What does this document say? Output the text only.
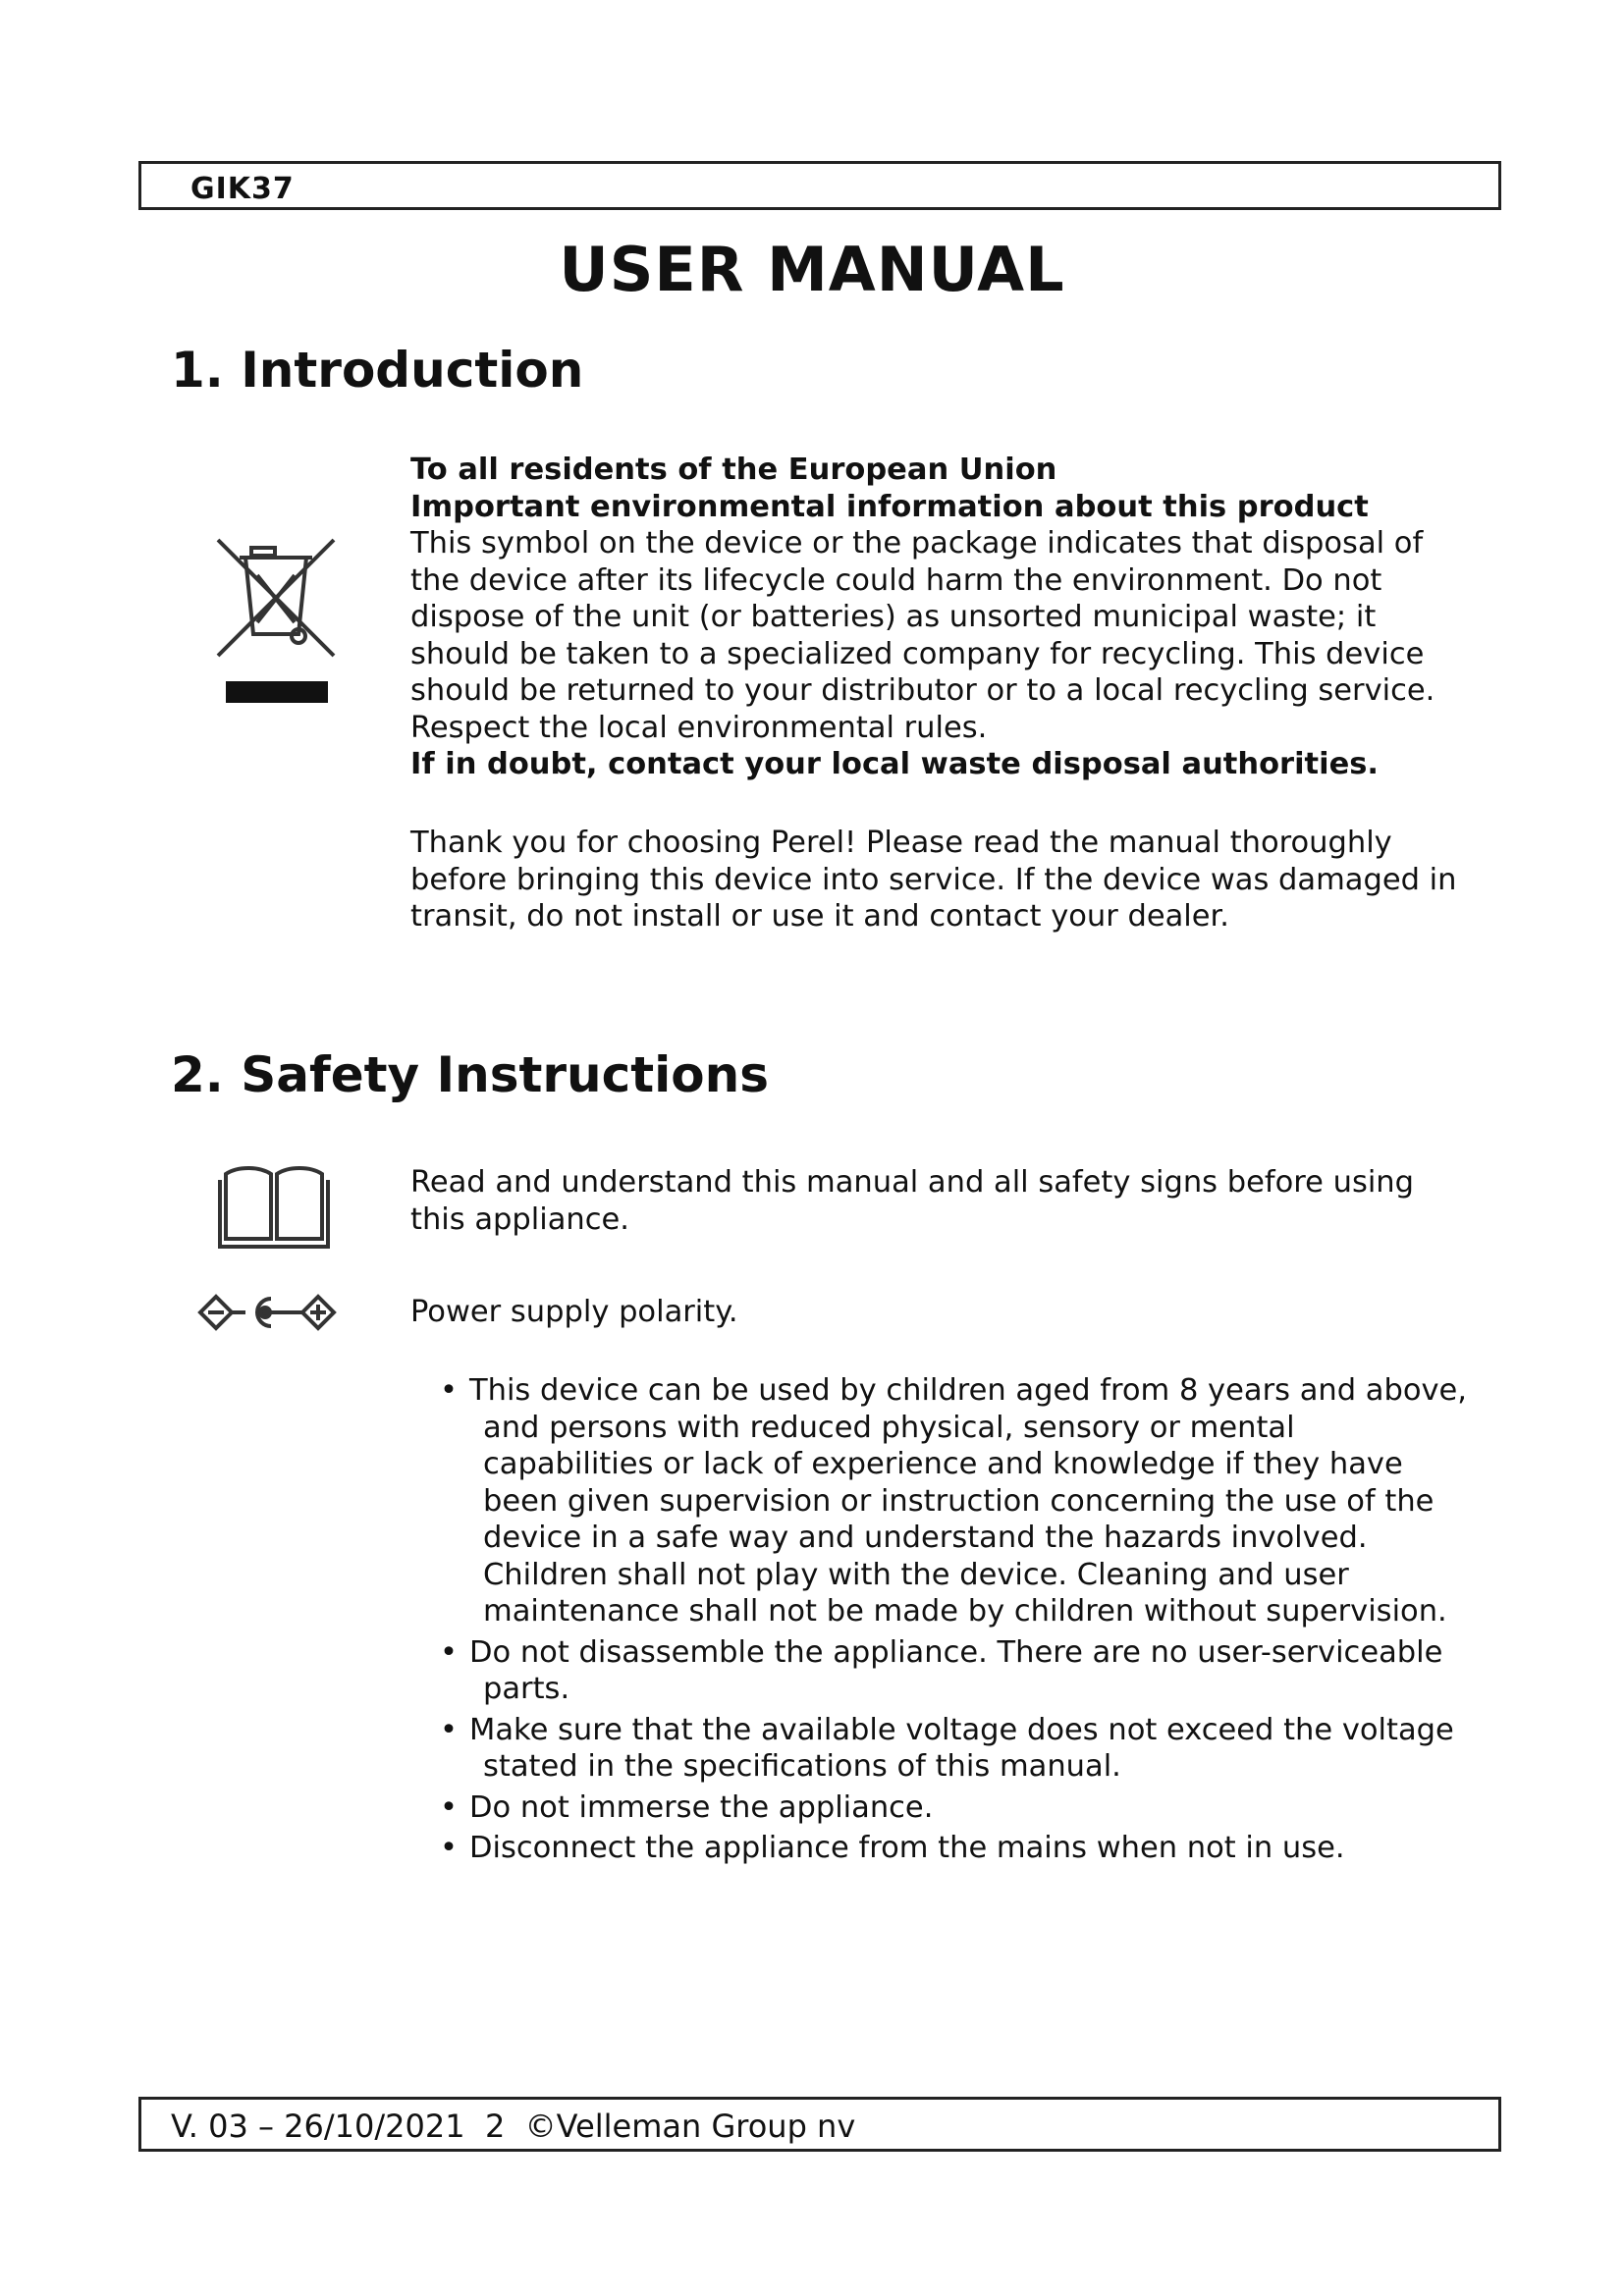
GIK37
USER MANUAL
1. Introduction

To all residents of the European Union

Important environmental information about this product

This symbol on the device or the package indicates that disposal of the device after its lifecycle could harm the environment. Do not dispose of the unit (or batteries) as unsorted municipal waste; it should be taken to a specialized company for recycling. This device should be returned to your distributor or to a local recycling service. Respect the local environmental rules.

If in doubt, contact your local waste disposal authorities.

Thank you for choosing Perel! Please read the manual thoroughly before bringing this device into service. If the device was damaged in transit, do not install or use it and contact your dealer.

2. Safety Instructions

Read and understand this manual and all safety signs before using this appliance.

Power supply polarity.

• This device can be used by children aged from 8 years and above, and persons with reduced physical, sensory or mental capabilities or lack of experience and knowledge if they have been given supervision or instruction concerning the use of the device in a safe way and understand the hazards involved. Children shall not play with the device. Cleaning and user maintenance shall not be made by children without supervision.
• Do not disassemble the appliance. There are no user-serviceable parts.
• Make sure that the available voltage does not exceed the voltage stated in the specifications of this manual.
• Do not immerse the appliance.
• Disconnect the appliance from the mains when not in use.
V. 03 – 26/10/2021  2  ©Velleman Group nv
